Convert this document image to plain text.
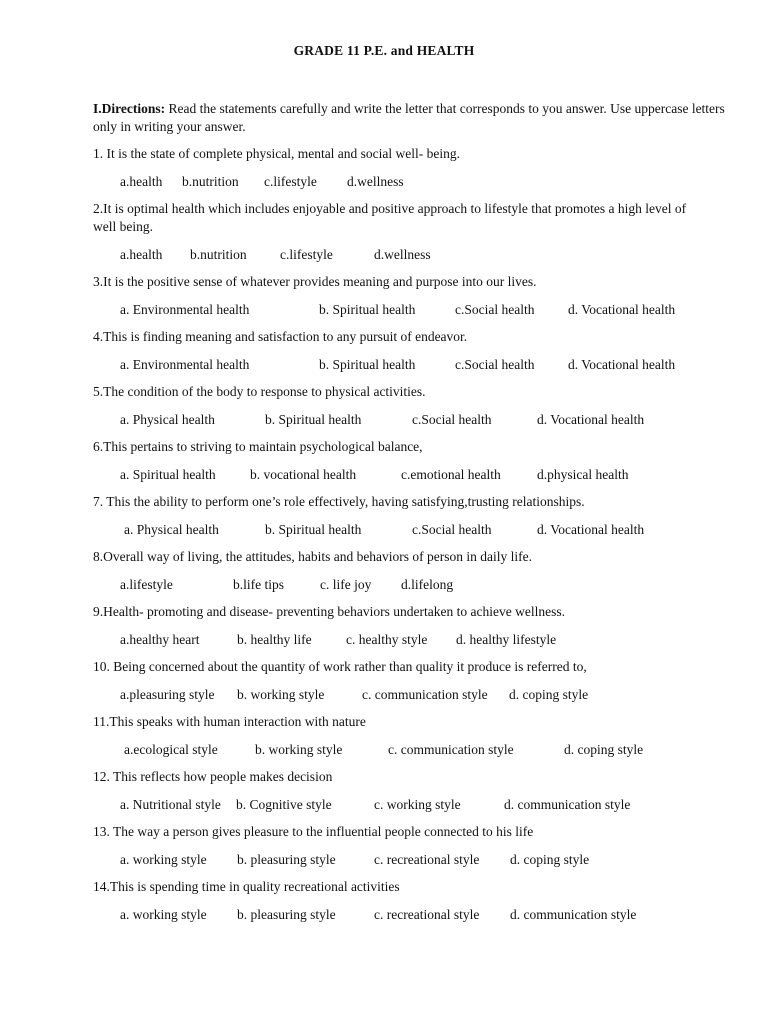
GRADE 11 P.E. and HEALTH
I.Directions: Read the statements carefully and write the letter that corresponds to you answer. Use uppercase letters only in writing your answer.
1. It is the state of complete physical, mental and social well- being.
a.health b.nutrition c.lifestyle d.wellness
2.It is optimal health which includes enjoyable and positive approach to lifestyle that promotes a high level of well being.
a.health b.nutrition c.lifestyle	d.wellness
3.It is the positive sense of whatever provides meaning and purpose into our lives.
a. Environmental health	b. Spiritual health	c.Social health d. Vocational health
4.This is finding meaning and satisfaction to any pursuit of endeavor.
a. Environmental health	b. Spiritual health	c.Social health d. Vocational health
5.The condition of the body to response to physical activities.
a. Physical health	b. Spiritual health	c.Social health	d. Vocational health
6.This pertains to striving to maintain psychological balance,
a. Spiritual health	b. vocational health	c.emotional health	d.physical health
7. This the ability to perform one’s role effectively, having satisfying,trusting relationships.
a. Physical health	b. Spiritual health	c.Social health	d. Vocational health
8.Overall way of living, the attitudes, habits and behaviors of person in daily life.
a.lifestyle	b.life tips	c. life joy d.lifelong
9.Health- promoting and disease- preventing behaviors undertaken to achieve wellness.
a.healthy heart	b. healthy life	c. healthy style d. healthy lifestyle
10. Being concerned about the quantity of work rather than quality it produce is referred to,
a.pleasuring style b. working style	c. communication style d. coping style
11.This speaks with human interaction with nature
a.ecological style	b. working style	c. communication style	d. coping style
12. This reflects how people makes decision
a. Nutritional style b. Cognitive style	c. working style	d. communication style
13. The way a person gives pleasure to the influential people connected to his life
a. working style b. pleasuring style	c. recreational style d. coping style
14.This is spending time in quality recreational activities
a. working style b. pleasuring style	c. recreational style d. communication style
